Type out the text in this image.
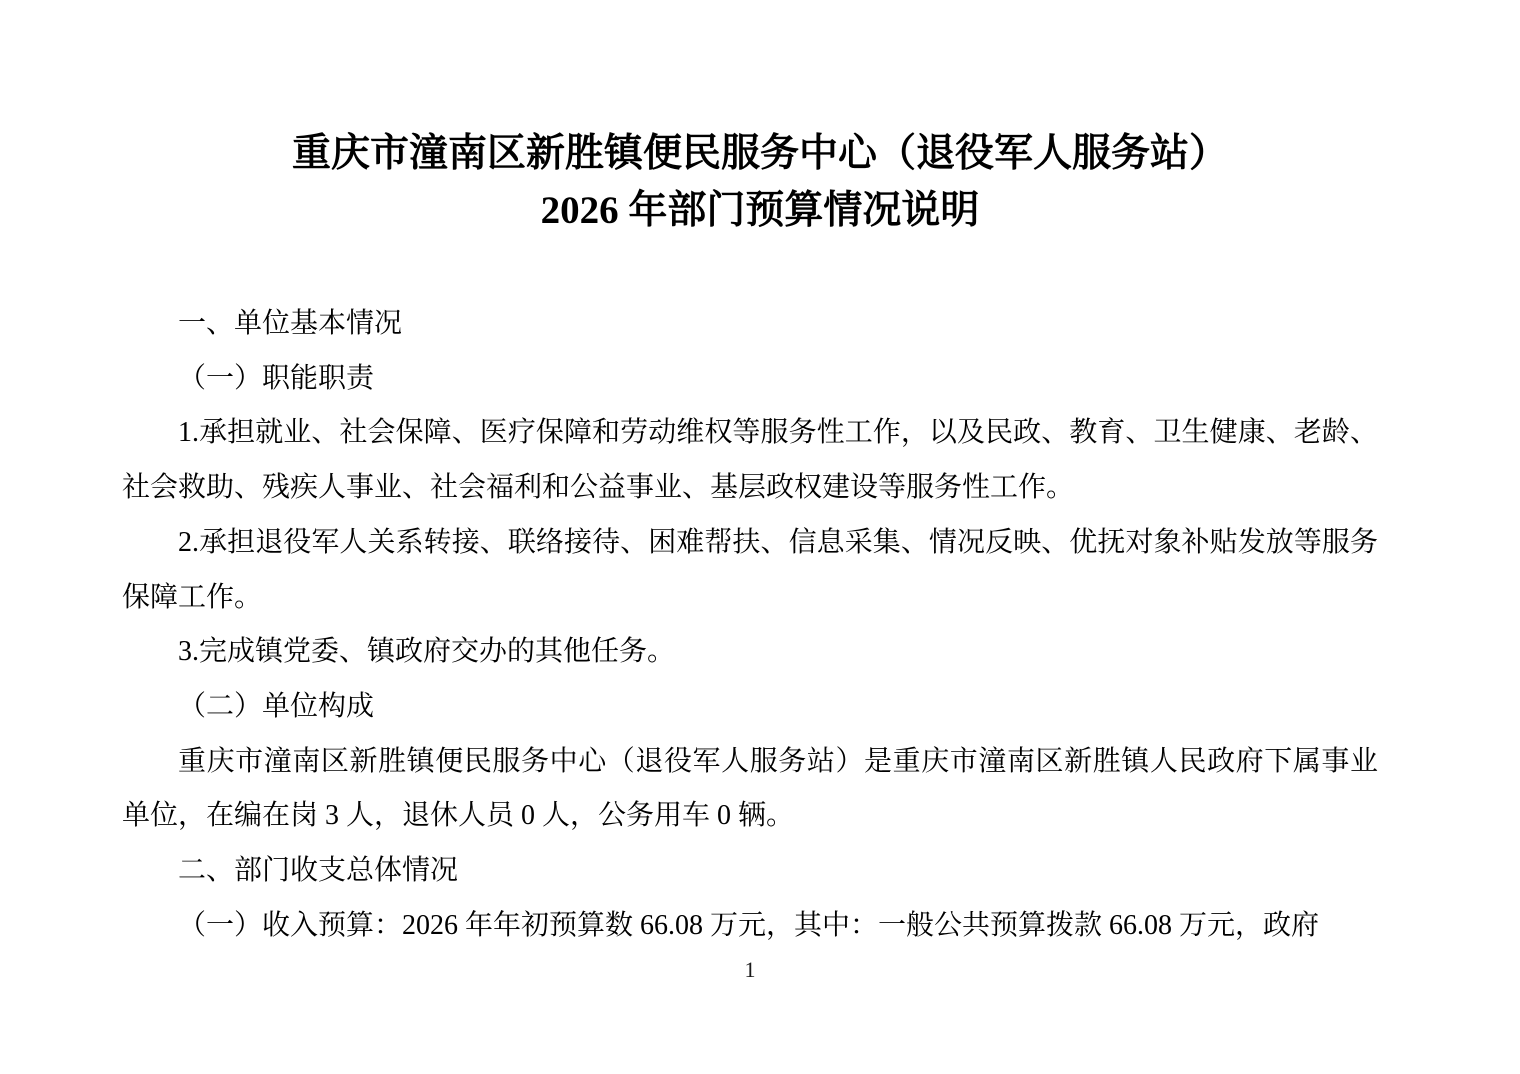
重庆市潼南区新胜镇便民服务中心（退役军人服务站）
2026 年部门预算情况说明

一、单位基本情况

（一）职能职责

1.承担就业、社会保障、医疗保障和劳动维权等服务性工作，以及民政、教育、卫生健康、老龄、社会救助、残疾人事业、社会福利和公益事业、基层政权建设等服务性工作。

2.承担退役军人关系转接、联络接待、困难帮扶、信息采集、情况反映、优抚对象补贴发放等服务保障工作。

3.完成镇党委、镇政府交办的其他任务。

（二）单位构成

重庆市潼南区新胜镇便民服务中心（退役军人服务站）是重庆市潼南区新胜镇人民政府下属事业单位，在编在岗 3 人，退休人员 0 人，公务用车 0 辆。

二、部门收支总体情况

（一）收入预算：2026 年年初预算数 66.08 万元，其中：一般公共预算拨款 66.08 万元，政府

1
